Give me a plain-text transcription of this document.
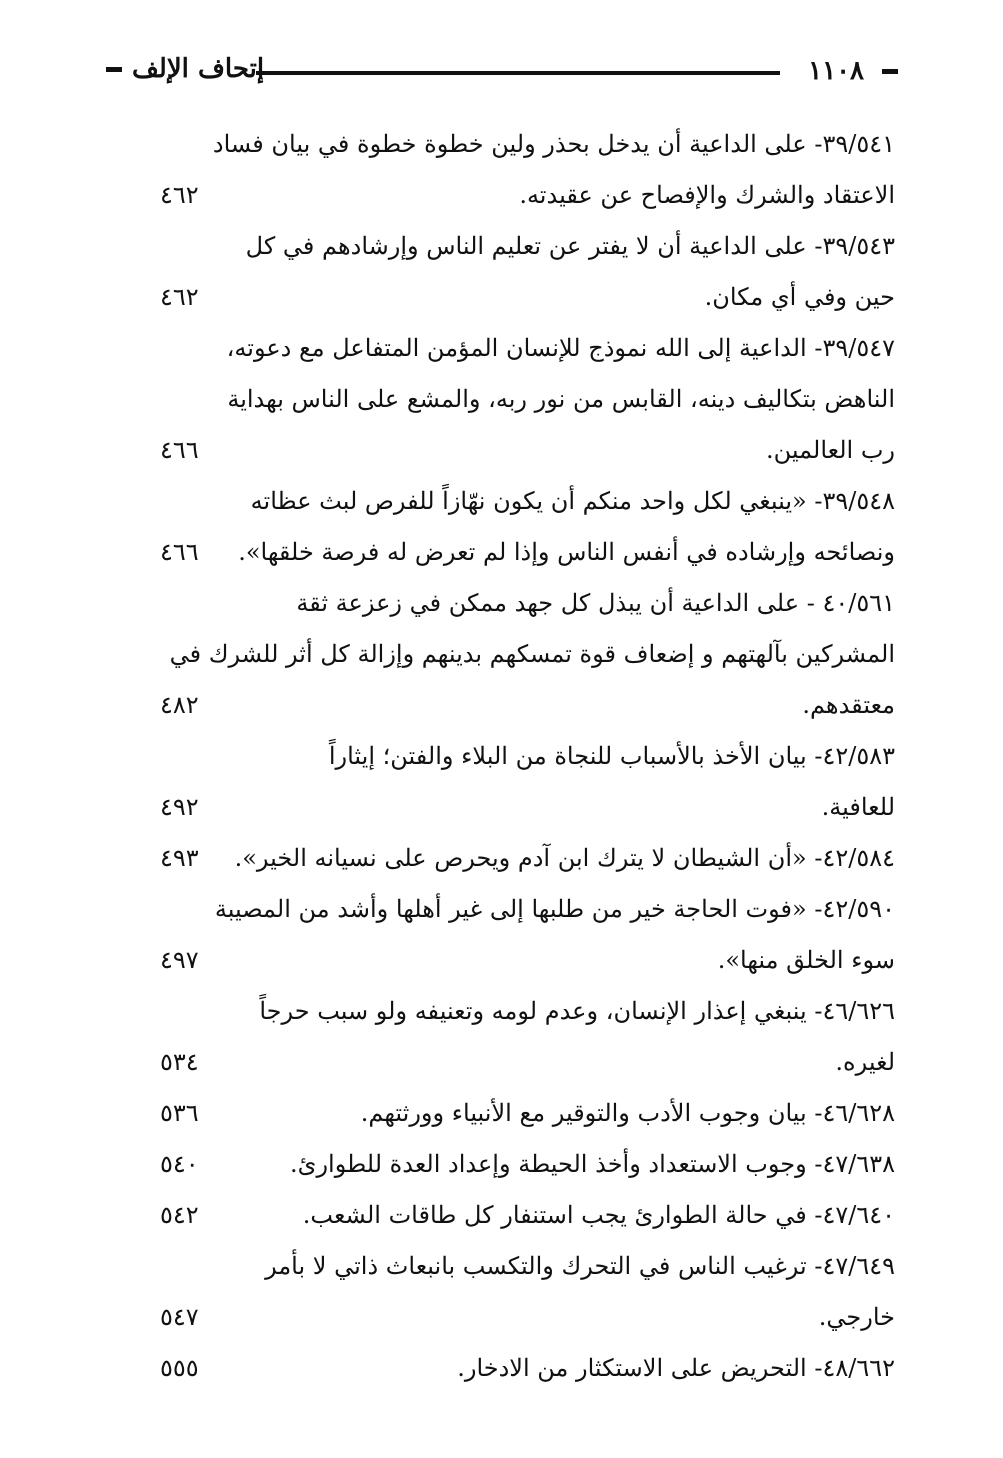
١١٠٨
إتحاف الإلف
٣٩/٥٤١- على الداعية أن يدخل بحذر ولين خطوة خطوة في بيان فساد
الاعتقاد والشرك والإفصاح عن عقيدته.
٤٦٢
٣٩/٥٤٣- على الداعية أن لا يفتر عن تعليم الناس وإرشادهم في كل
حين وفي أي مكان.
٤٦٢
٣٩/٥٤٧- الداعية إلى الله نموذج للإنسان المؤمن المتفاعل مع دعوته،
الناهض بتكاليف دينه، القابس من نور ربه، والمشع على الناس بهداية
رب العالمين.
٤٦٦
٣٩/٥٤٨- «ينبغي لكل واحد منكم أن يكون نهّازاً للفرص لبث عظاته
ونصائحه وإرشاده في أنفس الناس وإذا لم تعرض له فرصة خلقها».
٤٦٦
٤٠/٥٦١ - على الداعية أن يبذل كل جهد ممكن في زعزعة ثقة
المشركين بآلهتهم و إضعاف قوة تمسكهم بدينهم وإزالة كل أثر للشرك في
معتقدهم.
٤٨٢
٤٢/٥٨٣- بيان الأخذ بالأسباب للنجاة من البلاء والفتن؛ إيثاراً
للعافية.
٤٩٢
٤٢/٥٨٤- «أن الشيطان لا يترك ابن آدم ويحرص على نسيانه الخير».
٤٩٣
٤٢/٥٩٠- «فوت الحاجة خير من طلبها إلى غير أهلها وأشد من المصيبة
سوء الخلق منها».
٤٩٧
٤٦/٦٢٦- ينبغي إعذار الإنسان، وعدم لومه وتعنيفه ولو سبب حرجاً
لغيره.
٥٣٤
٤٦/٦٢٨- بيان وجوب الأدب والتوقير مع الأنبياء وورثتهم.
٥٣٦
٤٧/٦٣٨- وجوب الاستعداد وأخذ الحيطة وإعداد العدة للطوارئ.
٥٤٠
٤٧/٦٤٠- في حالة الطوارئ يجب استنفار كل طاقات الشعب.
٥٤٢
٤٧/٦٤٩- ترغيب الناس في التحرك والتكسب بانبعاث ذاتي لا بأمر
خارجي.
٥٤٧
٤٨/٦٦٢- التحريض على الاستكثار من الادخار.
٥٥٥
